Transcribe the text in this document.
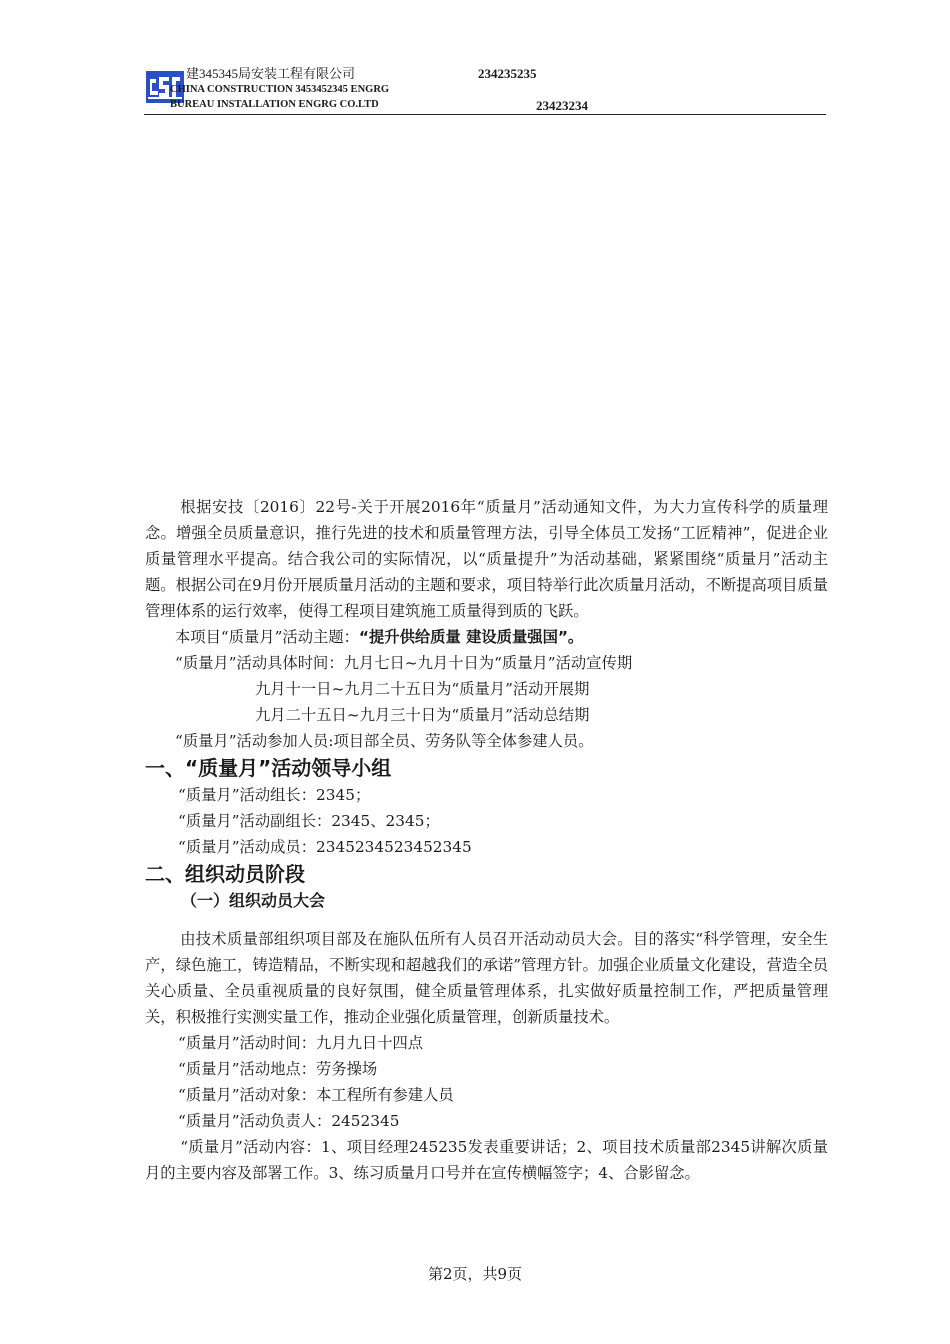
建345345局安装工程有限公司	234235235
CHINA CONSTRUCTION 3453452345 ENGRG
BUREAU INSTALLATION ENGRG CO.LTD	23423234

根据安技〔2016〕22号-关于开展2016年“质量月”活动通知文件，为大力宣传科学的质量理念。增强全员质量意识，推行先进的技术和质量管理方法，引导全体员工发扬“工匠精神”，促进企业质量管理水平提高。结合我公司的实际情况，以“质量提升”为活动基础，紧紧围绕“质量月”活动主题。根据公司在9月份开展质量月活动的主题和要求，项目特举行此次质量月活动，不断提高项目质量管理体系的运行效率，使得工程项目建筑施工质量得到质的飞跃。

本项目“质量月”活动主题：“提升供给质量 建设质量强国”。

“质量月”活动具体时间：九月七日~九月十日为“质量月”活动宣传期

九月十一日~九月二十五日为“质量月”活动开展期

九月二十五日~九月三十日为“质量月”活动总结期

“质量月”活动参加人员:项目部全员、劳务队等全体参建人员。

一、“质量月”活动领导小组

“质量月”活动组长：2345；

“质量月”活动副组长：2345、2345；

“质量月”活动成员：2345234523452345

二、组织动员阶段
（一）组织动员大会

由技术质量部组织项目部及在施队伍所有人员召开活动动员大会。目的落实“科学管理，安全生产，绿色施工，铸造精品，不断实现和超越我们的承诺”管理方针。加强企业质量文化建设，营造全员关心质量、全员重视质量的良好氛围，健全质量管理体系，扎实做好质量控制工作，严把质量管理关，积极推行实测实量工作，推动企业强化质量管理，创新质量技术。

“质量月”活动时间：九月九日十四点

“质量月”活动地点：劳务操场

“质量月”活动对象：本工程所有参建人员

“质量月”活动负责人：2452345

“质量月”活动内容：1、项目经理245235发表重要讲话；2、项目技术质量部2345讲解次质量月的主要内容及部署工作。3、练习质量月口号并在宣传横幅签字；4、合影留念。

第2页，共9页
